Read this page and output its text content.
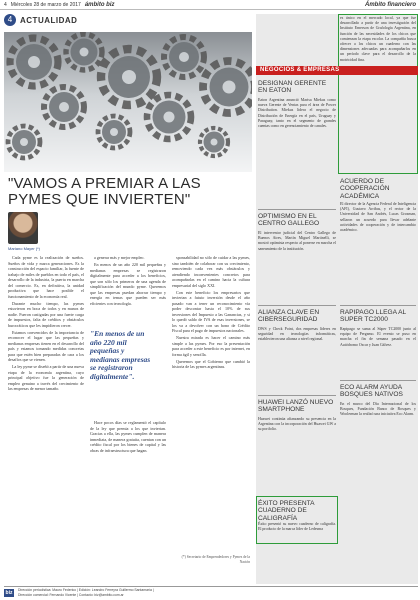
4 Miércoles 28 de marzo de 2017 ámbito biz	Ámbito financiero
4 ACTUALIDAD
"VAMOS A PREMIAR A LAS PYMES QUE INVIERTEN"
Mariano Mayer (*)

Cada pyme es la realización de sueños. Sueños de vida y marca generaciones. Es la construcción del espacio familiar, la fuente de trabajo de miles de pueblos en todo el país, el desarrollo de la industria, la puerta en marcha del comercio. Es, en definitiva, la unidad productiva que hace posible el funcionamiento de la economía real.

Durante mucho tiempo, las pymes estuvieron en boca de todos y en manos de nadie. Fueron castigadas por una fuerte carga de impuestos, falta de créditos y obstáculos burocráticos que les impidieron crecer.

Estamos convencidos de la importancia de reconocer el lugar que las pequeñas y medianas empresas tienen en el desarrollo del país y estamos tomando medidas concretas para que estén bien preparadas de cara a los desafíos que se vienen.

La ley pyme se diseñó a partir de una nueva etapa de la economía argentina, cuyo principal objetivo fue la generación de empleo genuino a través del crecimiento de las empresas de menor tamaño.

a generar más y mejor empleo.

En menos de un año 220 mil pequeñas y medianas empresas se registraron digitalmente para acceder a los beneficios, que son sólo los primeros de una agenda de simplificación del mundo pyme. Queremos que las empresas puedan ahorrar tiempo y energía en temas que pueden ser más eficientes con tecnología.

"En menos de un año 220 mil pequeñas y medianas empresas se registraron digitalmente".

Hace pocos días se reglamentó el capítulo de la ley que premia a los que inviertan. Gracias a ella, las pymes cumplen de manera inmediata, de manera gratuita, cuentan con un crédito fiscal por los bienes de capital y las obras de infraestructura que hagan.

sponsabilidad no sólo de cuidar a las pymes, sino también de colaborar con su crecimiento, removiendo cada vez más obstáculos y atendiendo inconvenientes concretos para acompañarlas en el camino hacia la cultura empresarial del siglo XXI.

Con este beneficio los empresarios que inviertan a fututo inversión desde el año pasado van a tener un reconocimiento vía poder descontar hasta el 10% de sus inversiones del Impuesto a las Ganancias, y si lo quedó saldo de IVA de esas inversiones, se los va a devolver con un bono de Crédito Fiscal para el pago de impuestos nacionales.

Nuestra mirada es hacer el camino más simple a las pymes. Por eso la presentación para acceder a este beneficio es por internet, en forma ágil y sencilla.

Queremos que el Gobierno que cambió la historia de las pymes argentinas.

(*) Secretario de Emprendedores y Pymes de la Nación

es único en el mercado local, ya que fue desarrollado a partir de una investigación del Instituto Emerson de Grafología Argentina, en función de las necesidades de los chicos que comienzan la etapa escolar. La compañía busca ofrecer a los chicos un cuaderno con las dimensiones adecuadas para acompañarlos en un período clave para el desarrollo de la motricidad fina.

NEGOCIOS & EMPRESAS
DESIGNAN GERENTE EN EATON

Eaton Argentina anunció Marisa Miekus como nueva Gerente de Ventas para el área de Power Distribution. Miekus lidera el negocio de Distribución de Energía en el país, Uruguay y Paraguay, tanto en el segmento de grandes cuentas como en gerenciamiento de canales.

OPTIMISMO EN EL CENTRO GALLEGO

El interventor judicial del Centro Gallego de Buenos Aires, Martín Miguel Martinelli, se mostró optimista respecto al ponerse en marcha el saneamiento de la institución.

ALIANZA CLAVE EN CIBERSEGURIDAD

DWS y Check Point, dos empresas líderes en seguridad en tecnologías informáticas, establecieron una alianza a nivel regional.

HUAWEI LANZÓ NUEVO SMARTPHONE

Huawei continúa afianzando su presencia en la Argentina con la incorporación del Huawei GW a su portfolio.

ÉXITO PRESENTA CUADERNO DE CALIGRAFÍA

Éxito presentó su nuevo cuaderno de caligrafía. El producto de la marca líder de Ledesma

ACUERDO DE COOPERACIÓN ACADÉMICA

El director de la Agencia Federal de Inteligencia (AFI), Gustavo Arribas, y el rector de la Universidad de San Andrés, Lucas Grosman, sellaron un acuerdo para llevar adelante actividades de cooperación y de intercambio académico.

RAPIPAGO LLEGA AL SUPER TC2000

Rapipago se suma al Súper TC2000 junto al equipo de Pergamo. El evento se puso en marcha el fin de semana pasado en el Autódromo Oscar y Juan Gálvez.

ECO ALARM AYUDA BOSQUES NATIVOS

En el marco del Día Internacional de los Bosques, Fundación Banco de Bosques y Woolerman la realizó una iniciativa Eco Alarm.

biz	Dirección periodística: Mauro Federico | Edición: Leandro Ferreyra Guillermo Santamaría |
Dirección comercial: Fernando Vicente | Contacto: biz@ambito.com.ar
